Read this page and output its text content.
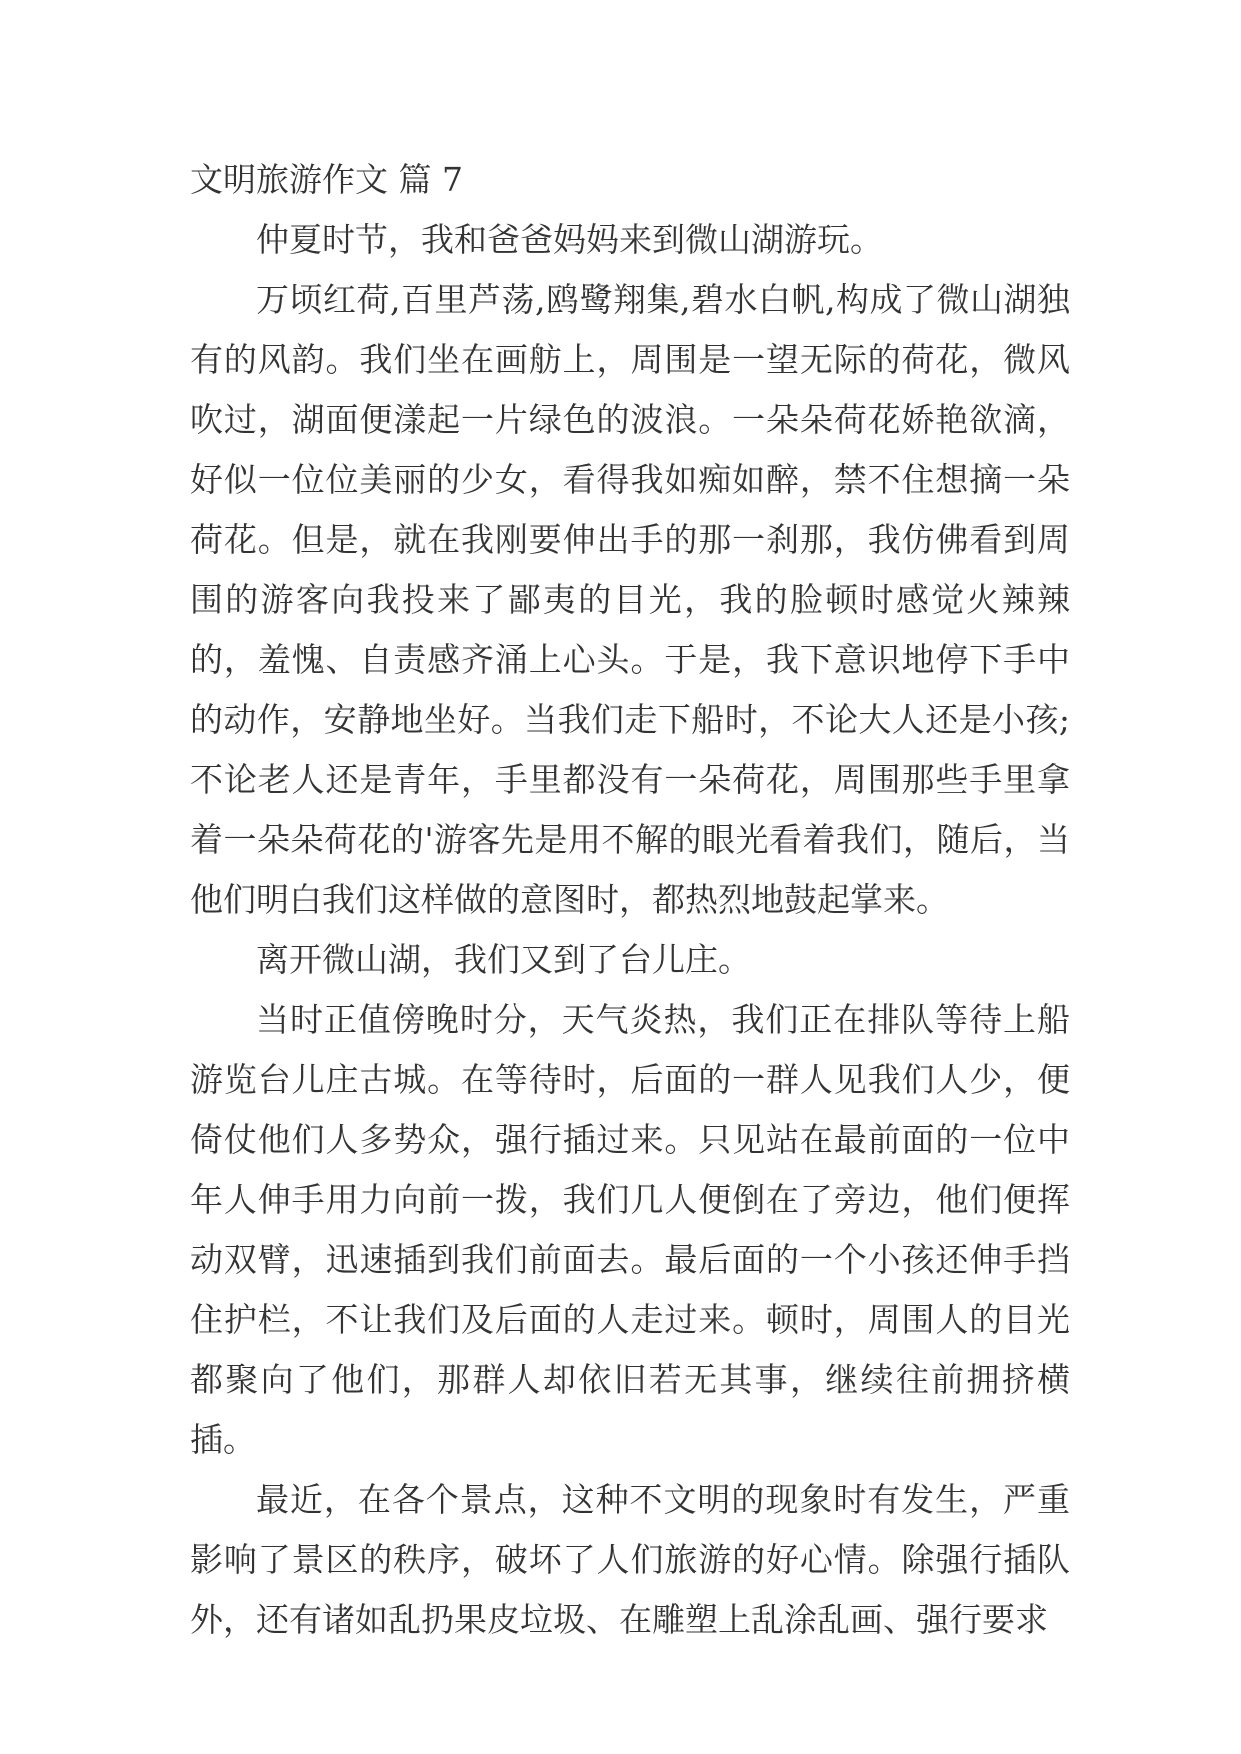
文明旅游作文 篇 7

仲夏时节，我和爸爸妈妈来到微山湖游玩。

万顷红荷,百里芦荡,鸥鹭翔集,碧水白帆,构成了微山湖独有的风韵。我们坐在画舫上，周围是一望无际的荷花，微风吹过，湖面便漾起一片绿色的波浪。一朵朵荷花娇艳欲滴，好似一位位美丽的少女，看得我如痴如醉，禁不住想摘一朵荷花。但是，就在我刚要伸出手的那一刹那，我仿佛看到周围的游客向我投来了鄙夷的目光，我的脸顿时感觉火辣辣的，羞愧、自责感齐涌上心头。于是，我下意识地停下手中的动作，安静地坐好。当我们走下船时，不论大人还是小孩;不论老人还是青年，手里都没有一朵荷花，周围那些手里拿着一朵朵荷花的'游客先是用不解的眼光看着我们，随后，当他们明白我们这样做的意图时，都热烈地鼓起掌来。

离开微山湖，我们又到了台儿庄。

当时正值傍晚时分，天气炎热，我们正在排队等待上船游览台儿庄古城。在等待时，后面的一群人见我们人少，便倚仗他们人多势众，强行插过来。只见站在最前面的一位中年人伸手用力向前一拨，我们几人便倒在了旁边，他们便挥动双臂，迅速插到我们前面去。最后面的一个小孩还伸手挡住护栏，不让我们及后面的人走过来。顿时，周围人的目光都聚向了他们，那群人却依旧若无其事，继续往前拥挤横插。

最近，在各个景点，这种不文明的现象时有发生，严重影响了景区的秩序，破坏了人们旅游的好心情。除强行插队外，还有诸如乱扔果皮垃圾、在雕塑上乱涂乱画、强行要求
